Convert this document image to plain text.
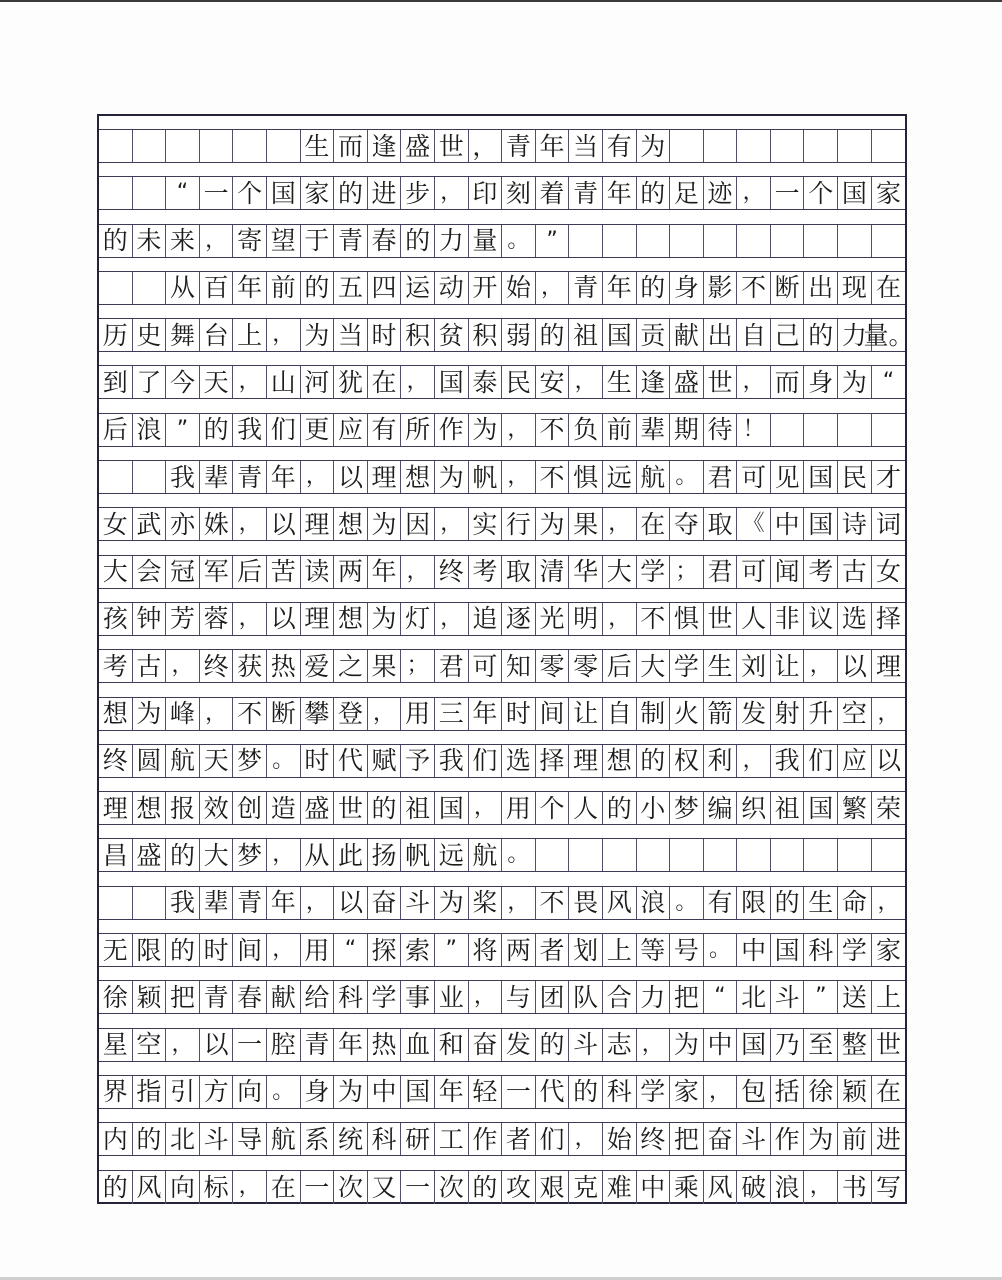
生 而 逢 盛 世 ， 青 年 当 有 为
“ 一 个 国 家 的 进 步 ， 印 刻 着 青 年 的 足 迹 ， 一 个 国 家
的 未 来 ， 寄 望 于 青 春 的 力 量 。 ”
从 百 年 前 的 五 四 运 动 开 始 ， 青 年 的 身 影 不 断 出 现 在
历 史 舞 台 上 ， 为 当 时 积 贫 积 弱 的 祖 国 贡 献 出 自 己 的 力
量。
到 了 今 天 ， 山 河 犹 在 ， 国 泰 民 安 ， 生 逢 盛 世 ， 而 身 为 “
后 浪 ” 的 我 们 更 应 有 所 作 为 ， 不 负 前 辈 期 待 ！
我 辈 青 年 ， 以 理 想 为 帆 ， 不 惧 远 航 。 君 可 见 国 民 才
女 武 亦 姝 ， 以 理 想 为 因 ， 实 行 为 果 ， 在 夺 取 《 中 国 诗 词
大 会 冠 军 后 苦 读 两 年 ， 终 考 取 清 华 大 学 ； 君 可 闻 考 古 女
孩 钟 芳 蓉 ， 以 理 想 为 灯 ， 追 逐 光 明 ， 不 惧 世 人 非 议 选 择
考 古 ， 终 获 热 爱 之 果 ； 君 可 知 零 零 后 大 学 生 刘 让 ， 以 理
想 为 峰 ， 不 断 攀 登 ， 用 三 年 时 间 让 自 制 火 箭 发 射 升 空 ，
终 圆 航 天 梦 。 时 代 赋 予 我 们 选 择 理 想 的 权 利 ， 我 们 应 以
理 想 报 效 创 造 盛 世 的 祖 国 ， 用 个 人 的 小 梦 编 织 祖 国 繁 荣
昌 盛 的 大 梦 ， 从 此 扬 帆 远 航 。
我 辈 青 年 ， 以 奋 斗 为 桨 ， 不 畏 风 浪 。 有 限 的 生 命 ，
无 限 的 时 间 ， 用 “ 探 索 ” 将 两 者 划 上 等 号 。 中 国 科 学 家
徐 颖 把 青 春 献 给 科 学 事 业 ， 与 团 队 合 力 把 “ 北 斗 ” 送 上
星 空 ， 以 一 腔 青 年 热 血 和 奋 发 的 斗 志 ， 为 中 国 乃 至 整 世
界 指 引 方 向 。 身 为 中 国 年 轻 一 代 的 科 学 家 ， 包 括 徐 颖 在
内 的 北 斗 导 航 系 统 科 研 工 作 者 们 ， 始 终 把 奋 斗 作 为 前 进
的 风 向 标 ， 在 一 次 又 一 次 的 攻 艰 克 难 中 乘 风 破 浪 ， 书 写
